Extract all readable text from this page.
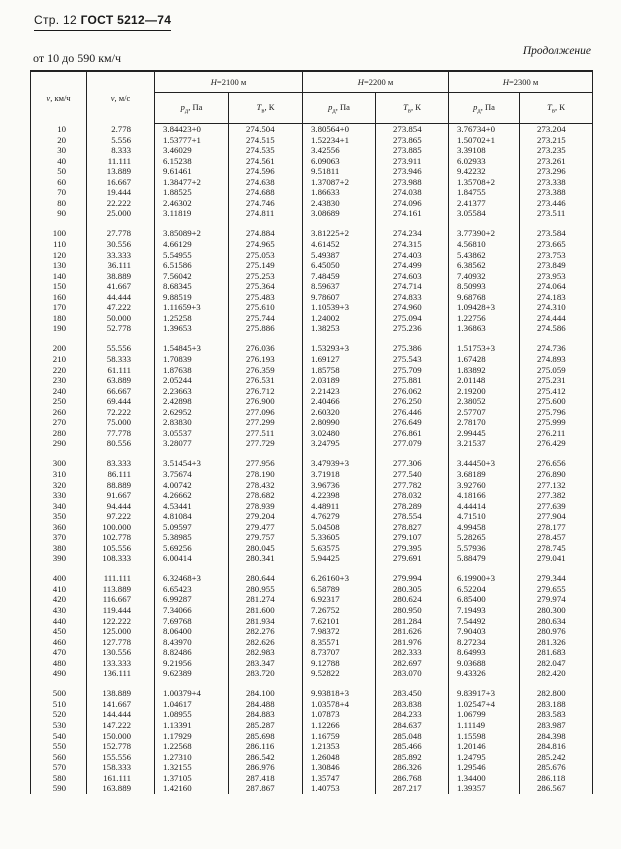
Стр. 12 ГОСТ 5212—74
Продолжение
от 10 до 590 км/ч
v, км/ч	v, м/с	H=2100 м		H=2200 м		H=2300 м	
		$p_д$, Па	$T_в$, К	$p_д$, Па	$T_в$, К	$p_д$, Па	$T_в$, К
10	2.778	3.84423+0	274.504	3.80564+0	273.854	3.76734+0	273.204
20	5.556	1.53777+1	274.515	1.52234+1	273.865	1.50702+1	273.215
30	8.333	3.46029	274.535	3.42556	273.885	3.39108	273.235
40	11.111	6.15238	274.561	6.09063	273.911	6.02933	273.261
50	13.889	9.61461	274.596	9.51811	273.946	9.42232	273.296
60	16.667	1.38477+2	274.638	1.37087+2	273.988	1.35708+2	273.338
70	19.444	1.88525	274.688	1.86633	274.038	1.84755	273.388
80	22.222	2.46302	274.746	2.43830	274.096	2.41377	273.446
90	25.000	3.11819	274.811	3.08689	274.161	3.05584	273.511

100	27.778	3.85089+2	274.884	3.81225+2	274.234	3.77390+2	273.584
110	30.556	4.66129	274.965	4.61452	274.315	4.56810	273.665
120	33.333	5.54955	275.053	5.49387	274.403	5.43862	273.753
130	36.111	6.51586	275.149	6.45050	274.499	6.38562	273.849
140	38.889	7.56042	275.253	7.48459	274.603	7.40932	273.953
150	41.667	8.68345	275.364	8.59637	274.714	8.50993	274.064
160	44.444	9.88519	275.483	9.78607	274.833	9.68768	274.183
170	47.222	1.11659+3	275.610	1.10539+3	274.960	1.09428+3	274.310
180	50.000	1.25258	275.744	1.24002	275.094	1.22756	274.444
190	52.778	1.39653	275.886	1.38253	275.236	1.36863	274.586

200	55.556	1.54845+3	276.036	1.53293+3	275.386	1.51753+3	274.736
210	58.333	1.70839	276.193	1.69127	275.543	1.67428	274.893
220	61.111	1.87638	276.359	1.85758	275.709	1.83892	275.059
230	63.889	2.05244	276.531	2.03189	275.881	2.01148	275.231
240	66.667	2.23663	276.712	2.21423	276.062	2.19200	275.412
250	69.444	2.42898	276.900	2.40466	276.250	2.38052	275.600
260	72.222	2.62952	277.096	2.60320	276.446	2.57707	275.796
270	75.000	2.83830	277.299	2.80990	276.649	2.78170	275.999
280	77.778	3.05537	277.511	3.02480	276.861	2.99445	276.211
290	80.556	3.28077	277.729	3.24795	277.079	3.21537	276.429

300	83.333	3.51454+3	277.956	3.47939+3	277.306	3.44450+3	276.656
310	86.111	3.75674	278.190	3.71918	277.540	3.68189	276.890
320	88.889	4.00742	278.432	3.96736	277.782	3.92760	277.132
330	91.667	4.26662	278.682	4.22398	278.032	4.18166	277.382
340	94.444	4.53441	278.939	4.48911	278.289	4.44414	277.639
350	97.222	4.81084	279.204	4.76279	278.554	4.71510	277.904
360	100.000	5.09597	279.477	5.04508	278.827	4.99458	278.177
370	102.778	5.38985	279.757	5.33605	279.107	5.28265	278.457
380	105.556	5.69256	280.045	5.63575	279.395	5.57936	278.745
390	108.333	6.00414	280.341	5.94425	279.691	5.88479	279.041

400	111.111	6.32468+3	280.644	6.26160+3	279.994	6.19900+3	279.344
410	113.889	6.65423	280.955	6.58789	280.305	6.52204	279.655
420	116.667	6.99287	281.274	6.92317	280.624	6.85400	279.974
430	119.444	7.34066	281.600	7.26752	280.950	7.19493	280.300
440	122.222	7.69768	281.934	7.62101	281.284	7.54492	280.634
450	125.000	8.06400	282.276	7.98372	281.626	7.90403	280.976
460	127.778	8.43970	282.626	8.35571	281.976	8.27234	281.326
470	130.556	8.82486	282.983	8.73707	282.333	8.64993	281.683
480	133.333	9.21956	283.347	9.12788	282.697	9.03688	282.047
490	136.111	9.62389	283.720	9.52822	283.070	9.43326	282.420

500	138.889	1.00379+4	284.100	9.93818+3	283.450	9.83917+3	282.800
510	141.667	1.04617	284.488	1.03578+4	283.838	1.02547+4	283.188
520	144.444	1.08955	284.883	1.07873	284.233	1.06799	283.583
530	147.222	1.13391	285.287	1.12266	284.637	1.11149	283.987
540	150.000	1.17929	285.698	1.16759	285.048	1.15598	284.398
550	152.778	1.22568	286.116	1.21353	285.466	1.20146	284.816
560	155.556	1.27310	286.542	1.26048	285.892	1.24795	285.242
570	158.333	1.32155	286.976	1.30846	286.326	1.29546	285.676
580	161.111	1.37105	287.418	1.35747	286.768	1.34400	286.118
590	163.889	1.42160	287.867	1.40753	287.217	1.39357	286.567
